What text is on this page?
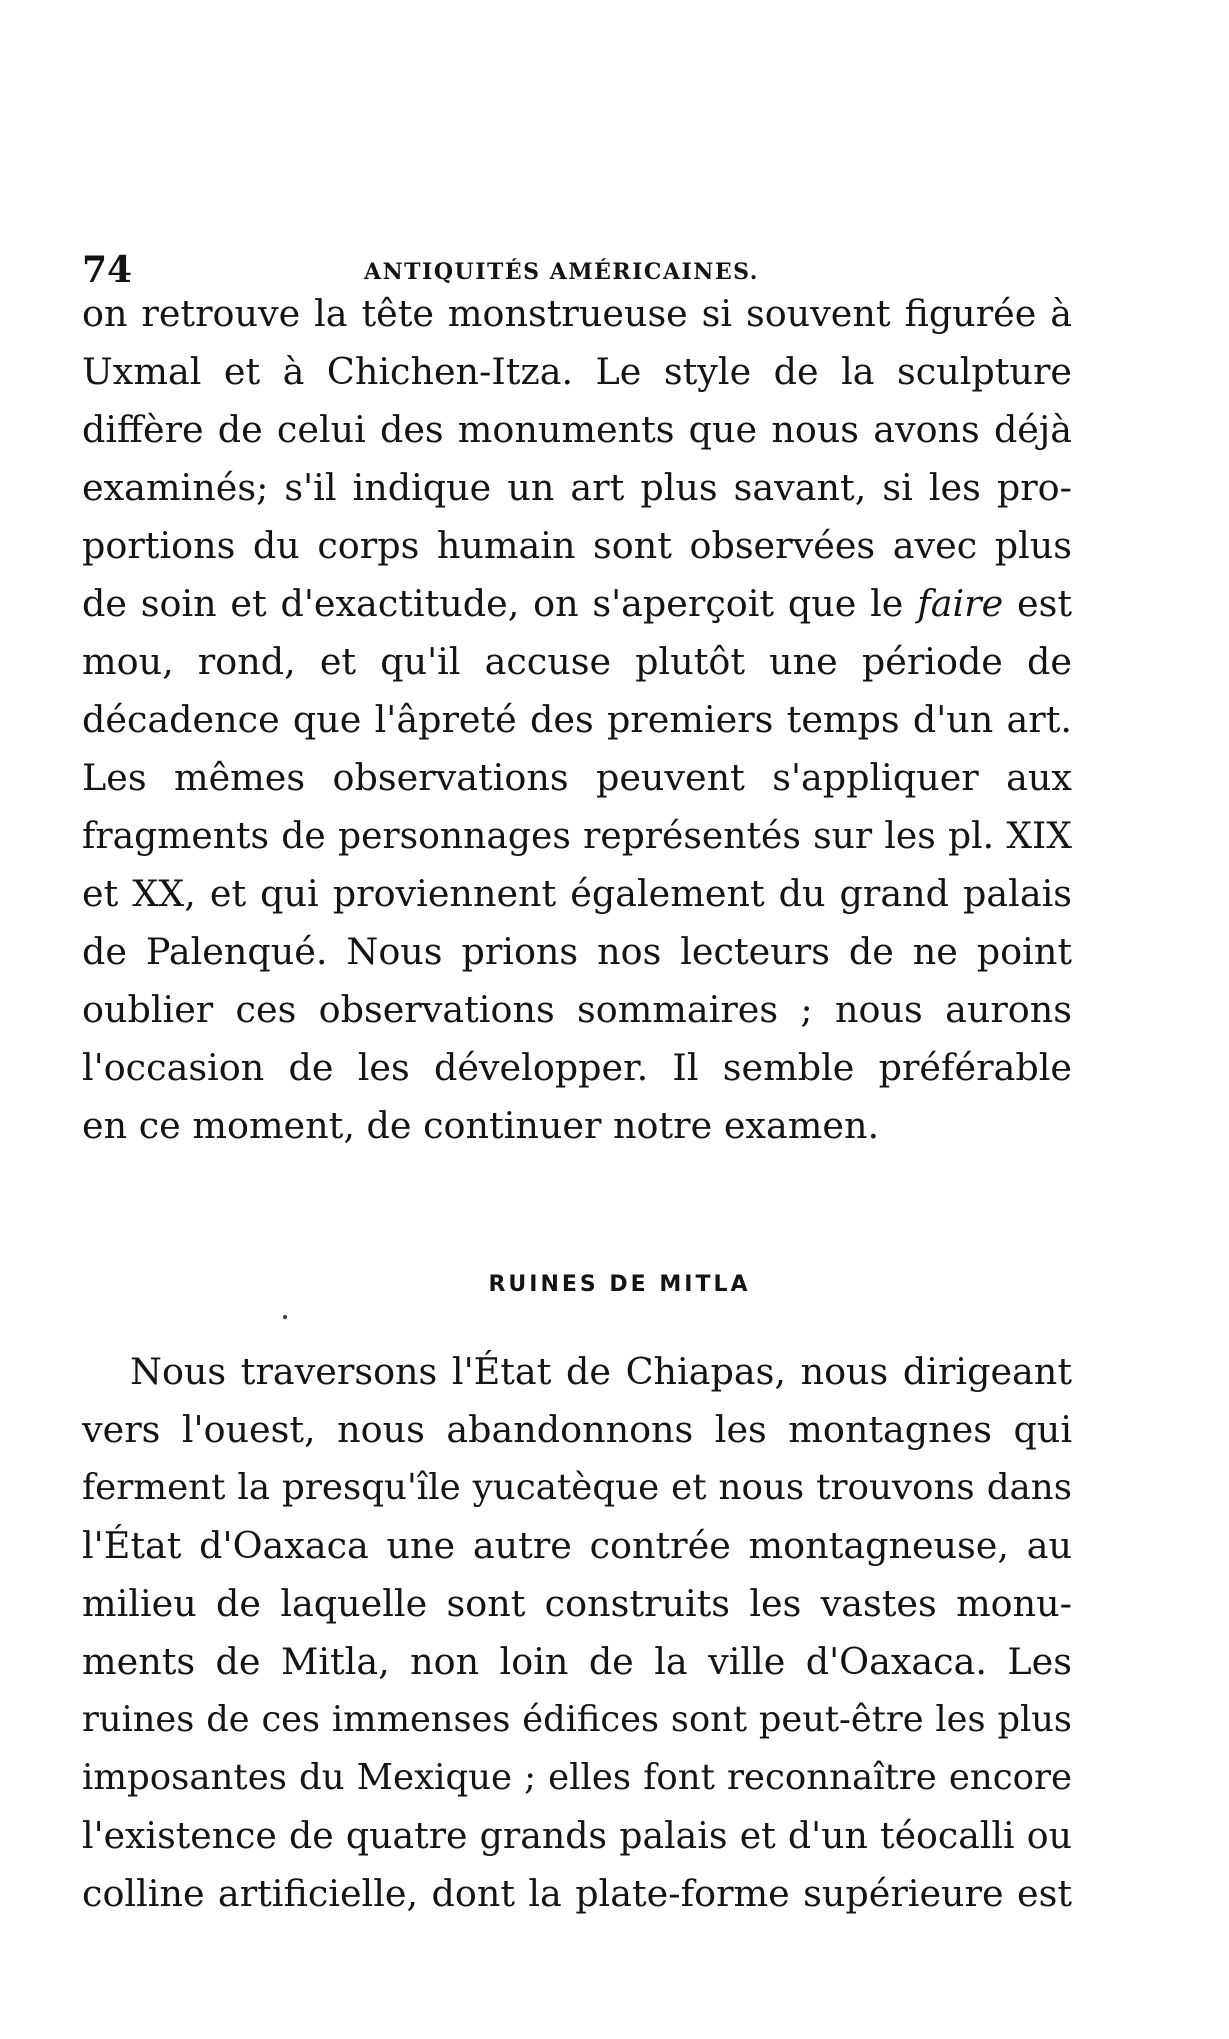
74	ANTIQUITÉS AMÉRICAINES.
on retrouve la tête monstrueuse si souvent figurée à
Uxmal et à Chichen-Itza. Le style de la sculpture
diffère de celui des monuments que nous avons déjà
examinés; s'il indique un art plus savant, si les pro-
portions du corps humain sont observées avec plus
de soin et d'exactitude, on s'aperçoit que le faire est
mou, rond, et qu'il accuse plutôt une période de
décadence que l'âpreté des premiers temps d'un art.
Les mêmes observations peuvent s'appliquer aux
fragments de personnages représentés sur les pl. XIX
et XX, et qui proviennent également du grand palais
de Palenqué. Nous prions nos lecteurs de ne point
oublier ces observations sommaires ; nous aurons
l'occasion de les développer. Il semble préférable
en ce moment, de continuer notre examen.
RUINES DE MITLA
Nous traversons l'État de Chiapas, nous dirigeant
vers l'ouest, nous abandonnons les montagnes qui
ferment la presqu'île yucatèque et nous trouvons dans
l'État d'Oaxaca une autre contrée montagneuse, au
milieu de laquelle sont construits les vastes monu-
ments de Mitla, non loin de la ville d'Oaxaca. Les
ruines de ces immenses édifices sont peut-être les plus
imposantes du Mexique ; elles font reconnaître encore
l'existence de quatre grands palais et d'un téocalli ou
colline artificielle, dont la plate-forme supérieure est
